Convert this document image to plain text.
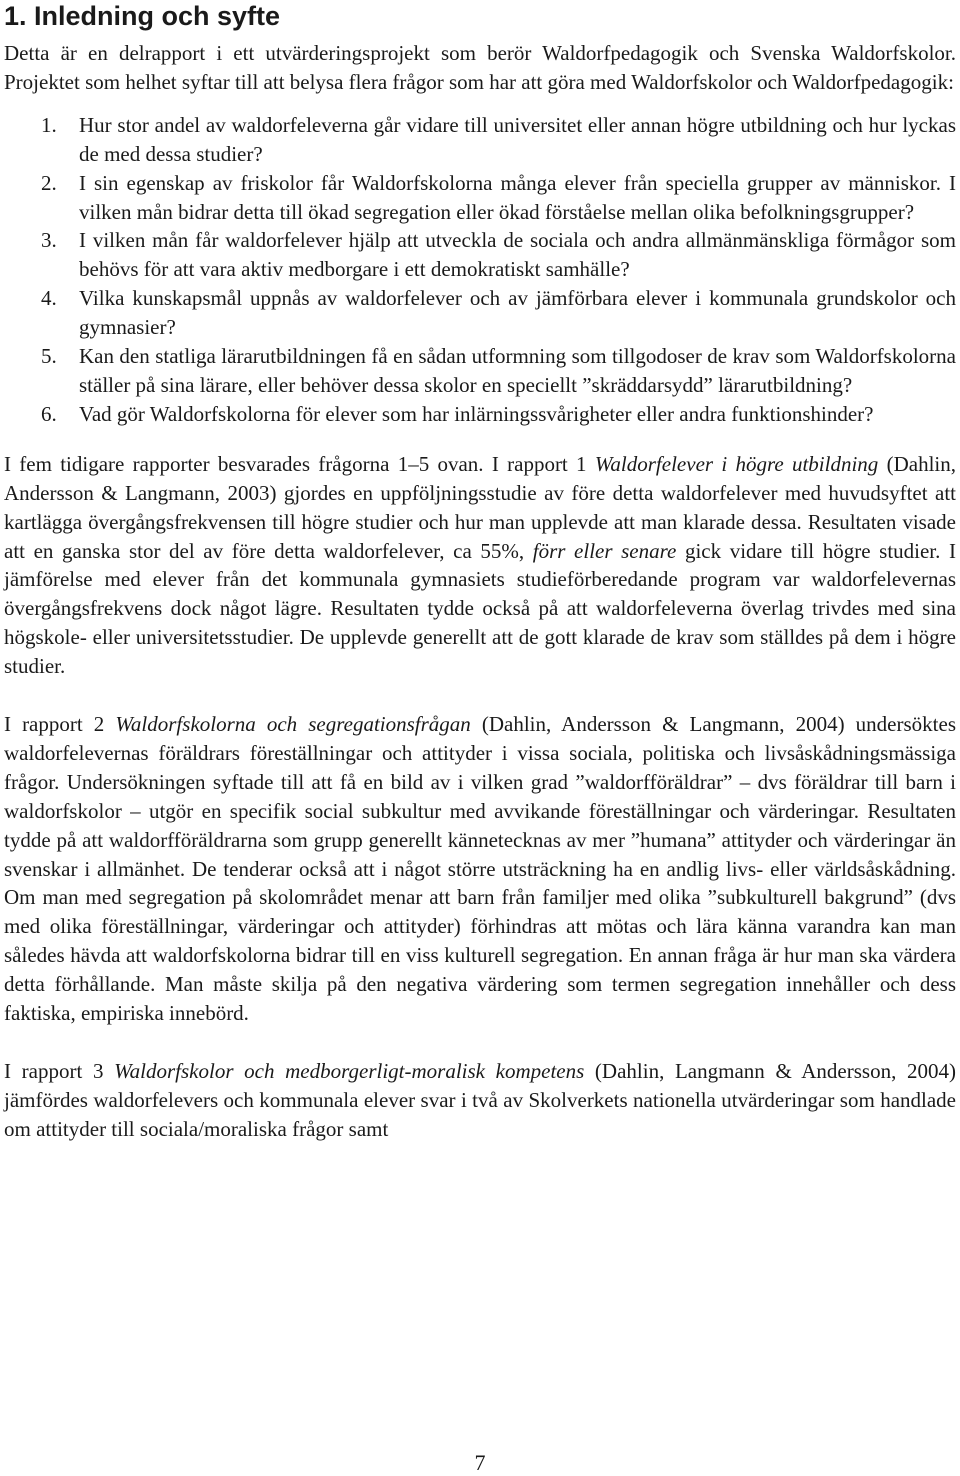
1. Inledning och syfte

Detta är en delrapport i ett utvärderingsprojekt som berör Waldorfpedagogik och Svenska Waldorfskolor. Projektet som helhet syftar till att belysa flera frågor som har att göra med Waldorfskolor och Waldorfpedagogik:

1. Hur stor andel av waldorfeleverna går vidare till universitet eller annan högre utbildning och hur lyckas de med dessa studier?
2. I sin egenskap av friskolor får Waldorfskolorna många elever från speciella grupper av människor. I vilken mån bidrar detta till ökad segregation eller ökad förståelse mellan olika befolkningsgrupper?
3. I vilken mån får waldorfelever hjälp att utveckla de sociala och andra allmänmänskliga förmågor som behövs för att vara aktiv medborgare i ett demokratiskt samhälle?
4. Vilka kunskapsmål uppnås av waldorfelever och av jämförbara elever i kommunala grundskolor och gymnasier?
5. Kan den statliga lärarutbildningen få en sådan utformning som tillgodoser de krav som Waldorfskolorna ställer på sina lärare, eller behöver dessa skolor en speciellt ”skräddarsydd” lärarutbildning?
6. Vad gör Waldorfskolorna för elever som har inlärningssvårigheter eller andra funktionshinder?

I fem tidigare rapporter besvarades frågorna 1–5 ovan. I rapport 1 Waldorfelever i högre utbildning (Dahlin, Andersson & Langmann, 2003) gjordes en uppföljningsstudie av före detta waldorfelever med huvudsyftet att kartlägga övergångsfrekvensen till högre studier och hur man upplevde att man klarade dessa. Resultaten visade att en ganska stor del av före detta waldorfelever, ca 55%, förr eller senare gick vidare till högre studier. I jämförelse med elever från det kommunala gymnasiets studieförberedande program var waldorfelevernas övergångsfrekvens dock något lägre. Resultaten tydde också på att waldorfeleverna överlag trivdes med sina högskole- eller universitetsstudier. De upplevde generellt att de gott klarade de krav som ställdes på dem i högre studier.

I rapport 2 Waldorfskolorna och segregationsfrågan (Dahlin, Andersson & Langmann, 2004) undersöktes waldorfelevernas föräldrars föreställningar och attityder i vissa sociala, politiska och livsåskådningsmässiga frågor. Undersökningen syftade till att få en bild av i vilken grad ”waldorfföräldrar” – dvs föräldrar till barn i waldorfskolor – utgör en specifik social subkultur med avvikande föreställningar och värderingar. Resultaten tydde på att waldorfföräldrarna som grupp generellt kännetecknas av mer ”humana” attityder och värderingar än svenskar i allmänhet. De tenderar också att i något större utsträckning ha en andlig livs- eller världsåskådning. Om man med segregation på skolområdet menar att barn från familjer med olika ”subkulturell bakgrund” (dvs med olika föreställningar, värderingar och attityder) förhindras att mötas och lära känna varandra kan man således hävda att waldorfskolorna bidrar till en viss kulturell segregation. En annan fråga är hur man ska värdera detta förhållande. Man måste skilja på den negativa värdering som termen segregation innehåller och dess faktiska, empiriska innebörd.

I rapport 3 Waldorfskolor och medborgerligt-moralisk kompetens (Dahlin, Langmann & Andersson, 2004) jämfördes waldorfelevers och kommunala elever svar i två av Skolverkets nationella utvärderingar som handlade om attityder till sociala/moraliska frågor samt

7
